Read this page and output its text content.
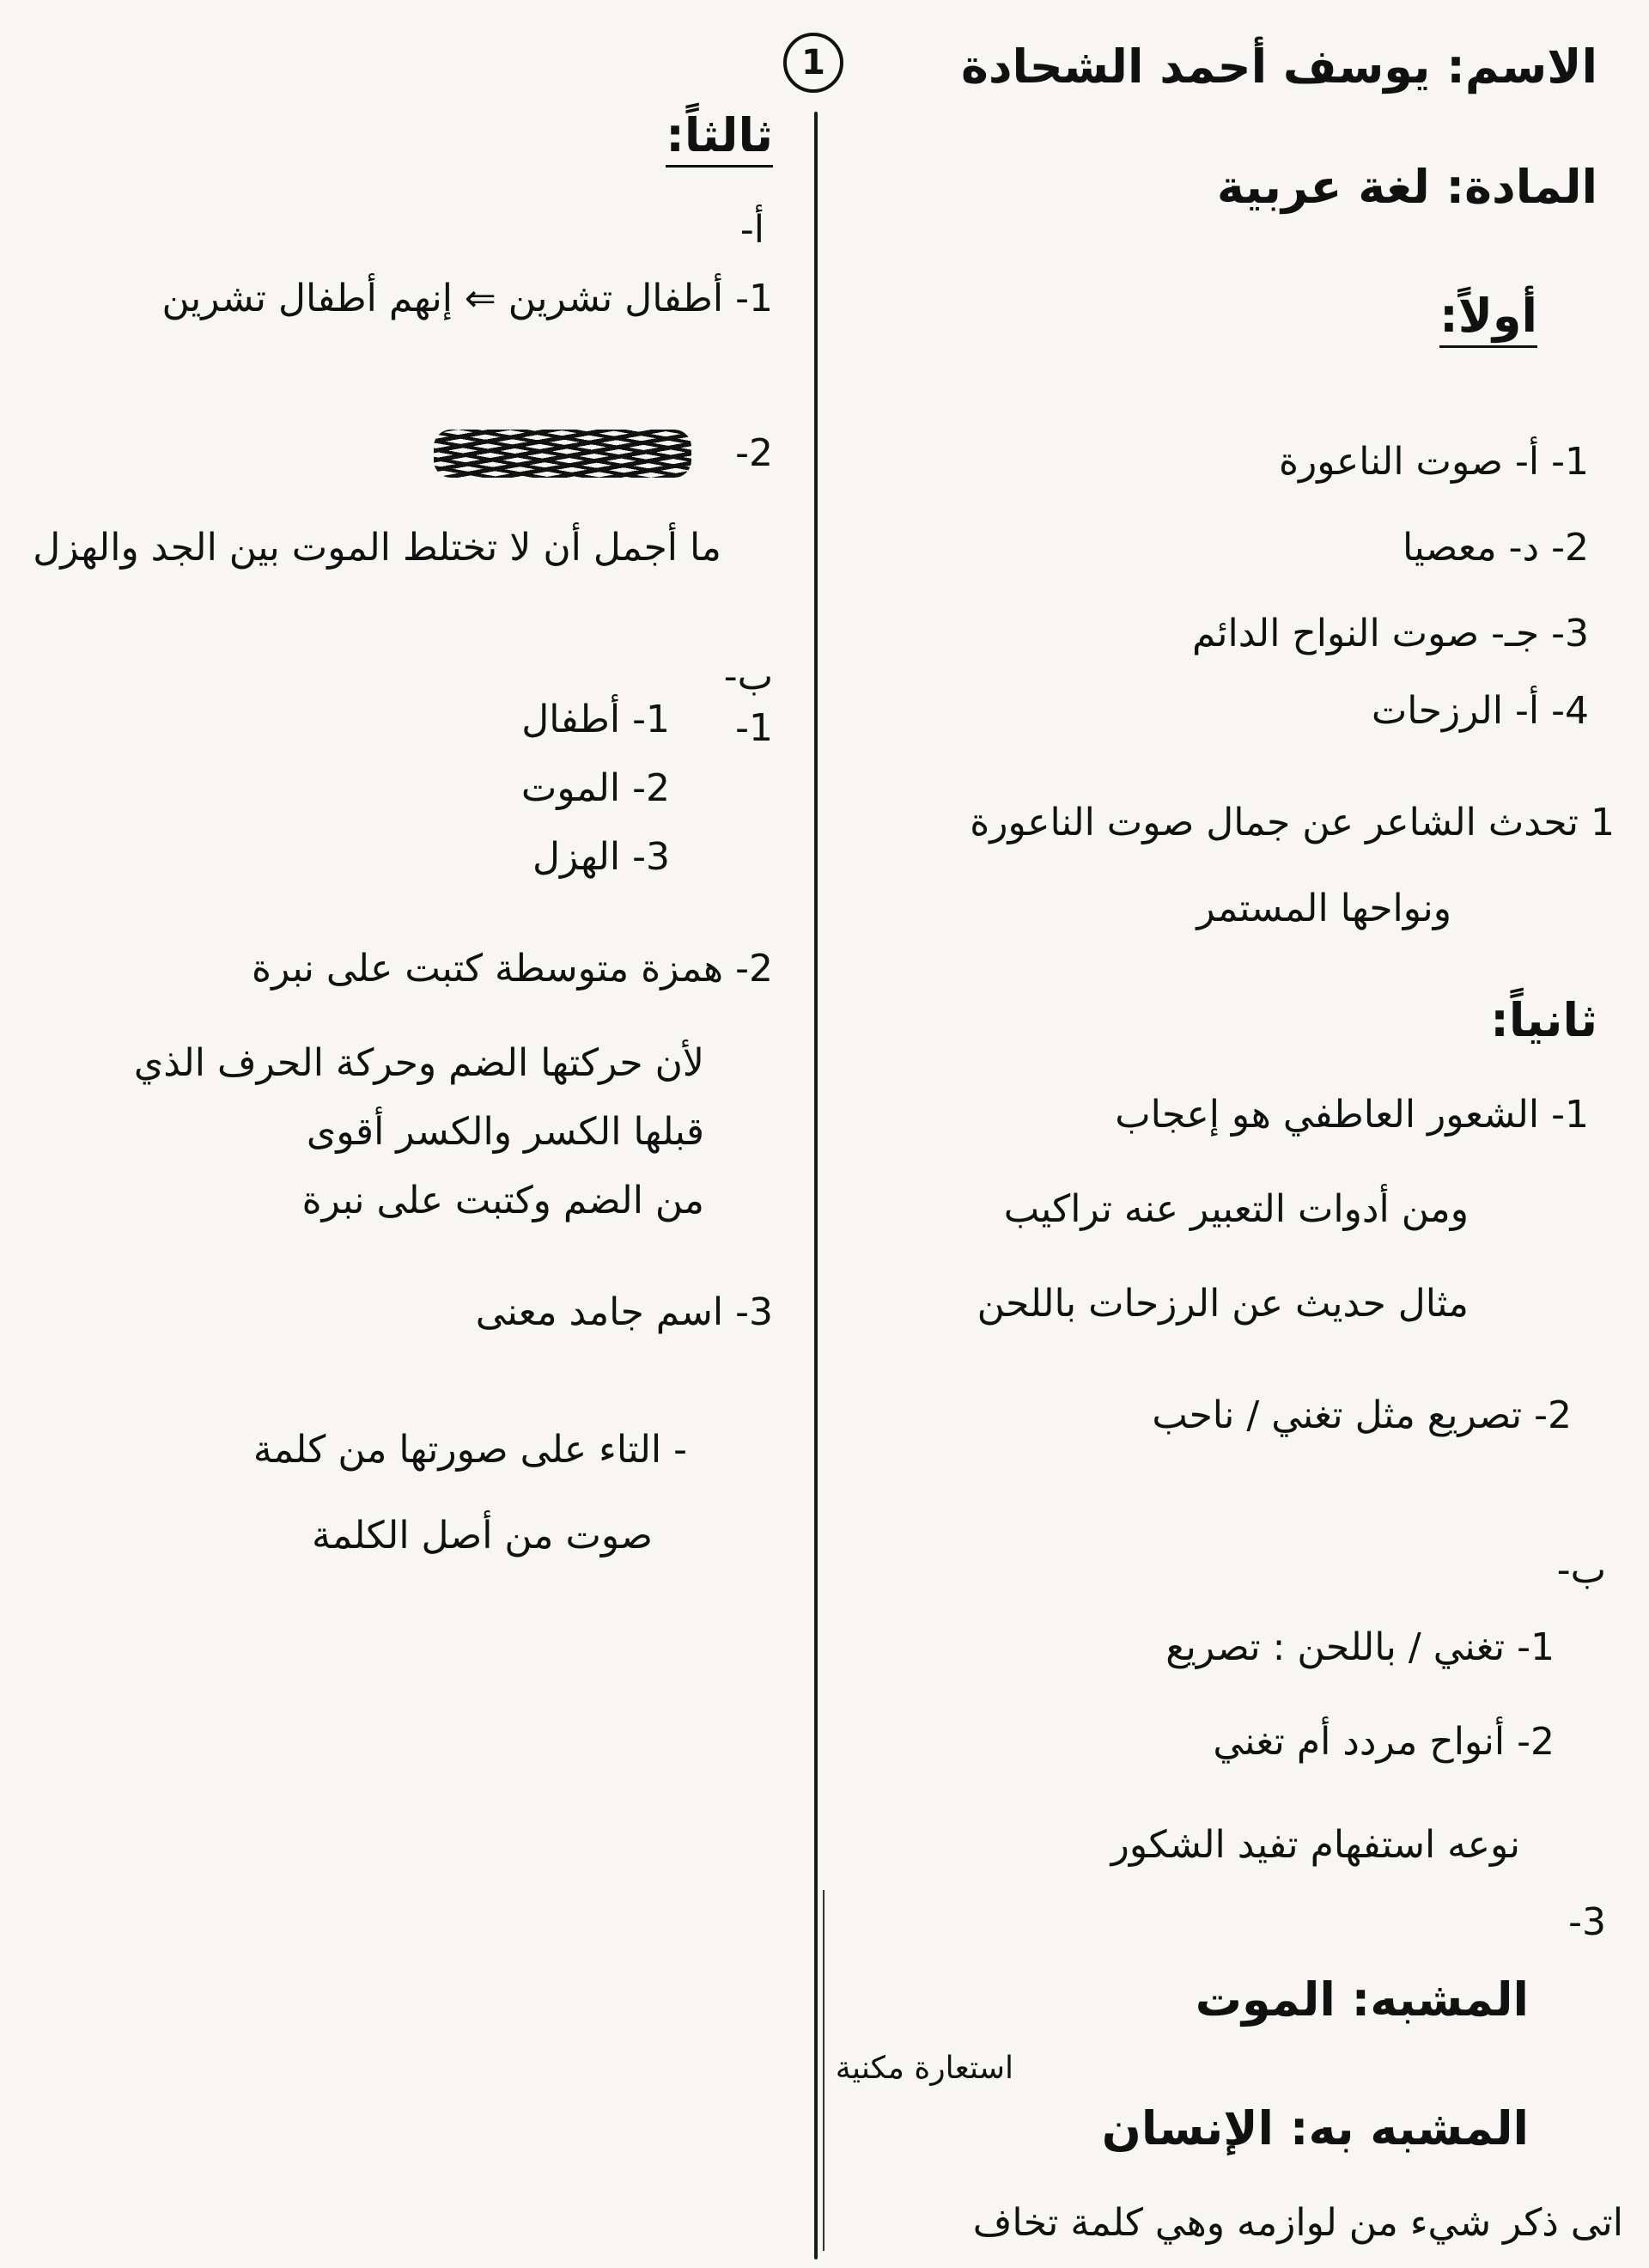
1	الاسم: يوسف أحمد الشحادة
المادة: لغة عربية
أولاً:
1- أ- صوت الناعورة
2- د- معصيا
3- جـ- صوت النواح الدائم
4- أ- الرزحات
1 تحدث الشاعر عن جمال صوت الناعورة
ونواحها المستمر
ثانياً:
1- الشعور العاطفي هو إعجاب
ومن أدوات التعبير عنه تراكيب
مثال حديث عن الرزحات باللحن
2- تصريع مثل تغني / ناحب
ب-
1- تغني / باللحن : تصريع
2- أنواح مردد أم تغني
نوعه استفهام تفيد الشكور
3-
المشبه: الموت
المشبه به: الإنسان
اتى ذكر شيء من لوازمه وهي كلمة تخاف
استعارة مكنية
ثالثاً:
أ-
1- أطفال تشرين ⇐ إنهم أطفال تشرين
2-
ما أجمل أن لا تختلط الموت بين الجد والهزل
ب-
1-
1- أطفال
2- الموت
3- الهزل
2- همزة متوسطة كتبت على نبرة
لأن حركتها الضم وحركة الحرف الذي
قبلها الكسر والكسر أقوى
من الضم وكتبت على نبرة
3- اسم جامد معنى
- التاء على صورتها من كلمة
صوت من أصل الكلمة
